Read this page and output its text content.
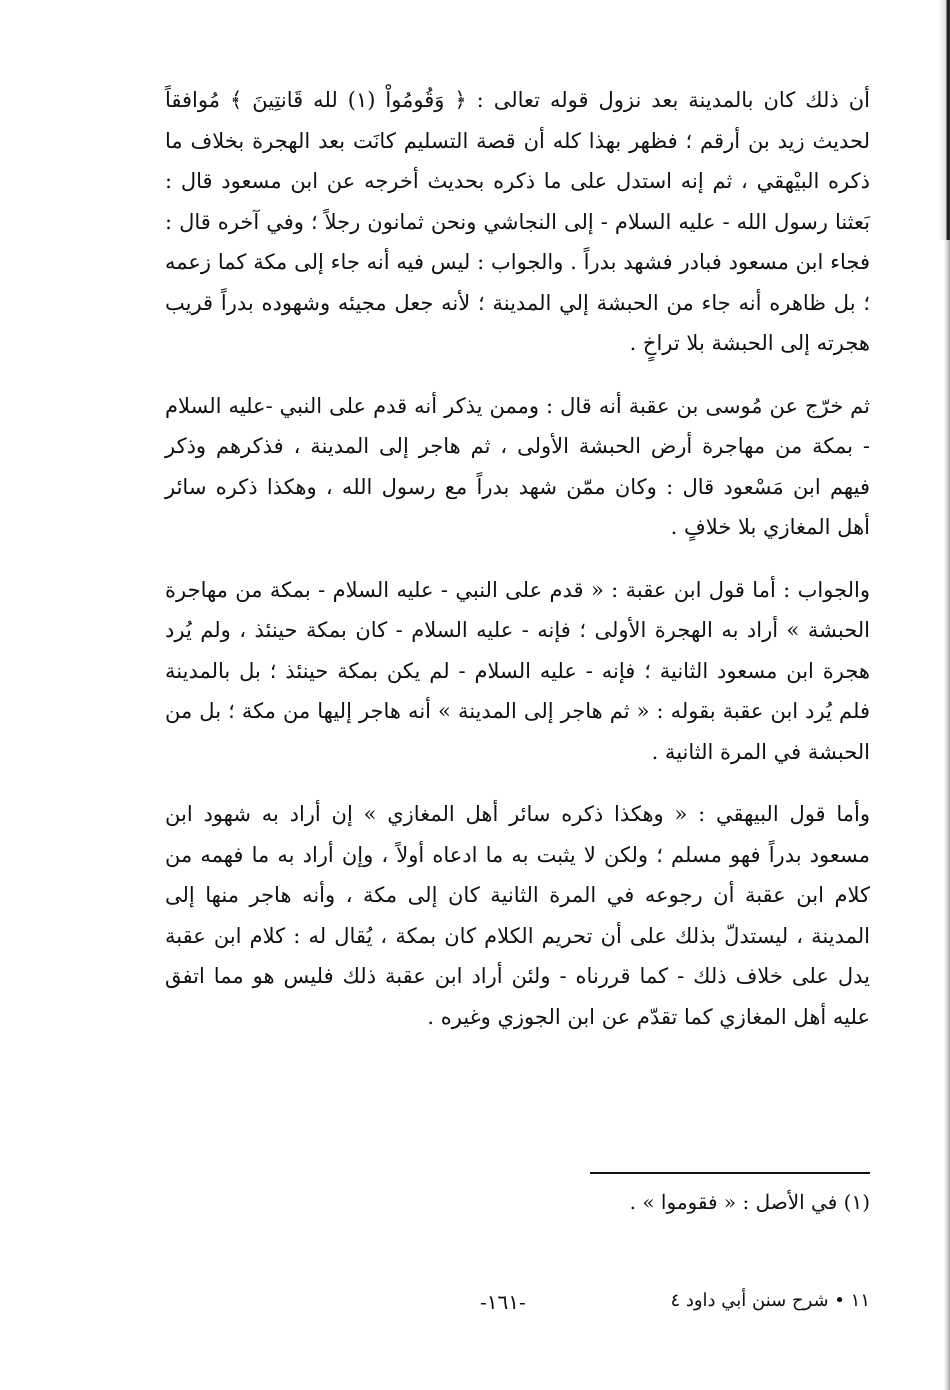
أن ذلك كان بالمدينة بعد نزول قوله تعالى : ﴿ وَقُومُواْ (١) لله قَانتِينَ ﴾ مُوافقاً لحديث زيد بن أرقم ؛ فظهر بهذا كله أن قصة التسليم كانَت بعد الهجرة بخلاف ما ذكره البيْهقي ، ثم إنه استدل على ما ذكره بحديث أخرجه عن ابن مسعود قال : بَعثنا رسول الله - عليه السلام - إلى النجاشي ونحن ثمانون رجلاً ؛ وفي آخره قال : فجاء ابن مسعود فبادر فشهد بدراً . والجواب : ليس فيه أنه جاء إلى مكة كما زعمه ؛ بل ظاهره أنه جاء من الحبشة إلي المدينة ؛ لأنه جعل مجيئه وشهوده بدراً قريب هجرته إلى الحبشة بلا تراخٍ .

ثم خرّج عن مُوسى بن عقبة أنه قال : وممن يذكر أنه قدم على النبي -عليه السلام - بمكة من مهاجرة أرض الحبشة الأولى ، ثم هاجر إلى المدينة ، فذكرهم وذكر فيهم ابن مَسْعود قال : وكان ممّن شهد بدراً مع رسول الله ، وهكذا ذكره سائر أهل المغازي بلا خلافٍ .

والجواب : أما قول ابن عقبة : « قدم على النبي - عليه السلام - بمكة من مهاجرة الحبشة » أراد به الهجرة الأولى ؛ فإنه - عليه السلام - كان بمكة حينئذ ، ولم يُرد هجرة ابن مسعود الثانية ؛ فإنه - عليه السلام - لم يكن بمكة حينئذ ؛ بل بالمدينة فلم يُرد ابن عقبة بقوله : « ثم هاجر إلى المدينة » أنه هاجر إليها من مكة ؛ بل من الحبشة في المرة الثانية .

وأما قول البيهقي : « وهكذا ذكره سائر أهل المغازي » إن أراد به شهود ابن مسعود بدراً فهو مسلم ؛ ولكن لا يثبت به ما ادعاه أولاً ، وإن أراد به ما فهمه من كلام ابن عقبة أن رجوعه في المرة الثانية كان إلى مكة ، وأنه هاجر منها إلى المدينة ، ليستدلّ بذلك على أن تحريم الكلام كان بمكة ، يُقال له : كلام ابن عقبة يدل على خلاف ذلك - كما قررناه - ولئن أراد ابن عقبة ذلك فليس هو مما اتفق عليه أهل المغازي كما تقدّم عن ابن الجوزي وغيره .

(١) في الأصل : « فقوموا » .
١١ • شرح سنن أبي داود ٤
-١٦١-
